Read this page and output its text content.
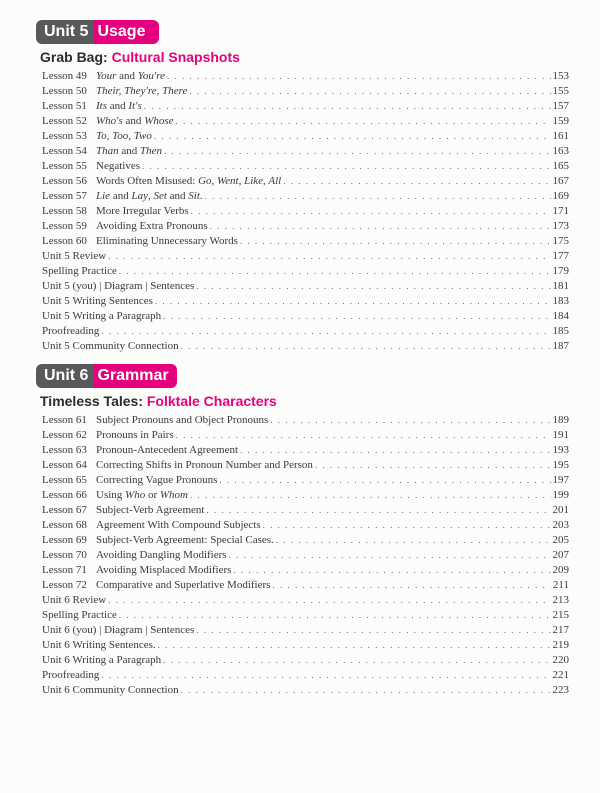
Unit 5 Usage
Grab Bag: Cultural Snapshots
Lesson 49 Your and You're . . .	153
Lesson 50 Their, They're, There . . .	155
Lesson 51 Its and It's . . .	157
Lesson 52 Who's and Whose . . .	159
Lesson 53 To, Too, Two . . .	161
Lesson 54 Than and Then . . .	163
Lesson 55 Negatives . . .	165
Lesson 56 Words Often Misused: Go, Went, Like, All . . .	167
Lesson 57 Lie and Lay, Set and Sit. . . .	169
Lesson 58 More Irregular Verbs . . .	171
Lesson 59 Avoiding Extra Pronouns . . .	173
Lesson 60 Eliminating Unnecessary Words . . .	175
Unit 5 Review . . .	177
Spelling Practice . . .	179
Unit 5 (you) | Diagram | Sentences . . .	181
Unit 5 Writing Sentences . . .	183
Unit 5 Writing a Paragraph . . .	184
Proofreading . . .	185
Unit 5 Community Connection . . .	187
Unit 6 Grammar
Timeless Tales: Folktale Characters
Lesson 61 Subject Pronouns and Object Pronouns . . .	189
Lesson 62 Pronouns in Pairs . . .	191
Lesson 63 Pronoun-Antecedent Agreement . . .	193
Lesson 64 Correcting Shifts in Pronoun Number and Person . . .	195
Lesson 65 Correcting Vague Pronouns . . .	197
Lesson 66 Using Who or Whom . . .	199
Lesson 67 Subject-Verb Agreement . . .	201
Lesson 68 Agreement With Compound Subjects . . .	203
Lesson 69 Subject-Verb Agreement: Special Cases. . . .	205
Lesson 70 Avoiding Dangling Modifiers . . .	207
Lesson 71 Avoiding Misplaced Modifiers . . .	209
Lesson 72 Comparative and Superlative Modifiers . . .	211
Unit 6 Review . . .	213
Spelling Practice . . .	215
Unit 6 (you) | Diagram | Sentences . . .	217
Unit 6 Writing Sentences. . . .	219
Unit 6 Writing a Paragraph . . .	220
Proofreading . . .	221
Unit 6 Community Connection . . .	223
